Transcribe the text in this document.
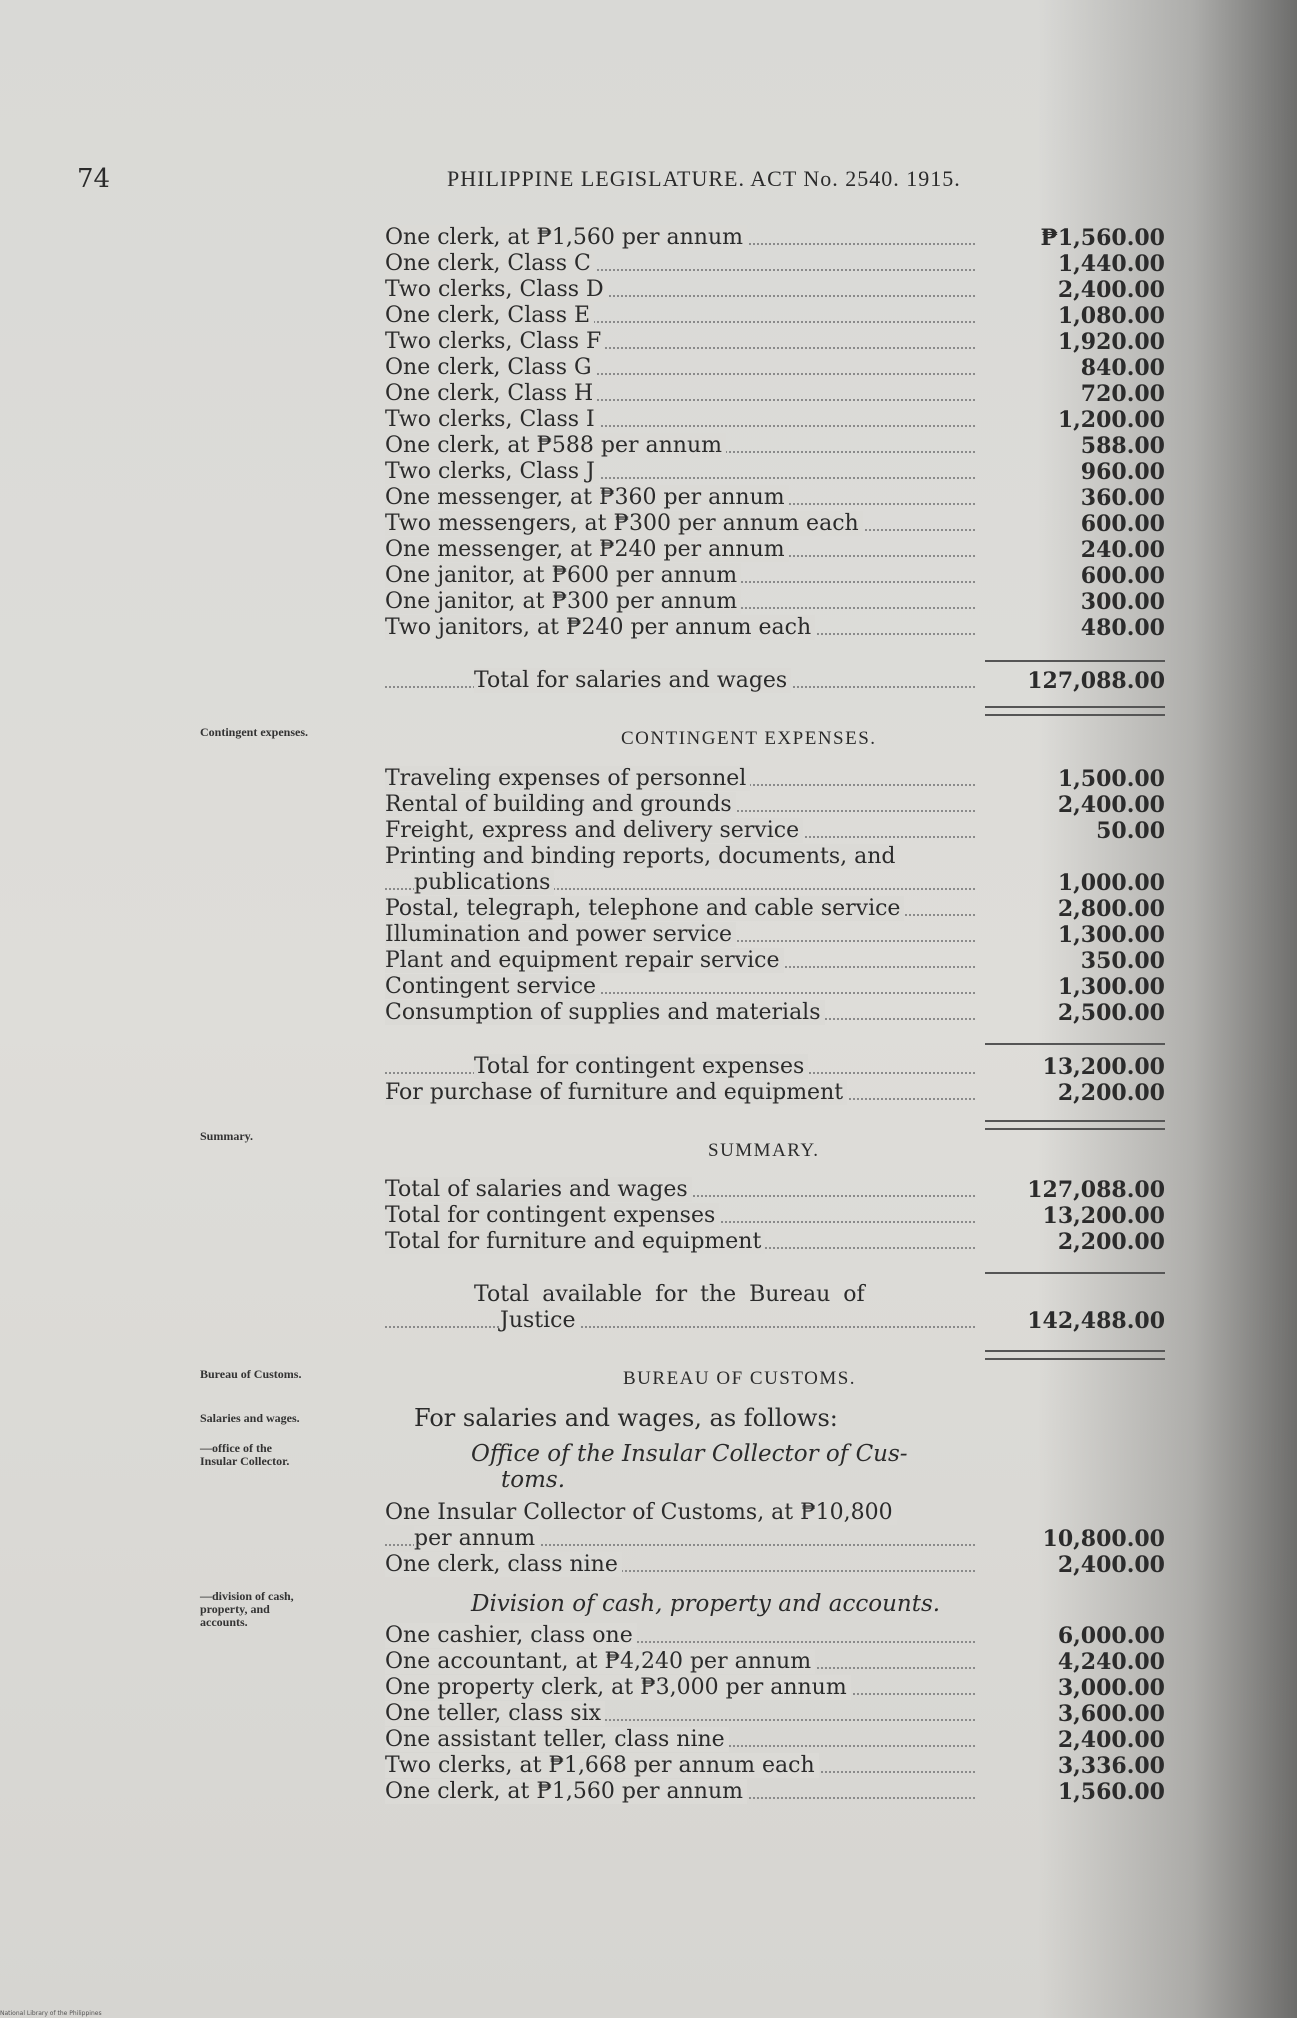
74	PHILIPPINE LEGISLATURE. ACT No. 2540. 1915.
One clerk, at ₱1,560 per annum	₱1,560.00
One clerk, Class C	1,440.00
Two clerks, Class D	2,400.00
One clerk, Class E	1,080.00
Two clerks, Class F	1,920.00
One clerk, Class G	840.00
One clerk, Class H	720.00
Two clerks, Class I	1,200.00
One clerk, at ₱588 per annum	588.00
Two clerks, Class J	960.00
One messenger, at ₱360 per annum	360.00
Two messengers, at ₱300 per annum each	600.00
One messenger, at ₱240 per annum	240.00
One janitor, at ₱600 per annum	600.00
One janitor, at ₱300 per annum	300.00
Two janitors, at ₱240 per annum each	480.00
Total for salaries and wages	127,088.00
Contingent expenses.	CONTINGENT EXPENSES.
Traveling expenses of personnel	1,500.00
Rental of building and grounds	2,400.00
Freight, express and delivery service	50.00
Printing and binding reports, documents, and
publications	1,000.00
Postal, telegraph, telephone and cable service	2,800.00
Illumination and power service	1,300.00
Plant and equipment repair service	350.00
Contingent service	1,300.00
Consumption of supplies and materials	2,500.00
Total for contingent expenses	13,200.00
For purchase of furniture and equipment	2,200.00
Summary.
SUMMARY.
Total of salaries and wages	127,088.00
Total for contingent expenses	13,200.00
Total for furniture and equipment	2,200.00
Total available for the Bureau of
Justice	142,488.00
Bureau of Customs.	BUREAU OF CUSTOMS.
Salaries and wages.	For salaries and wages, as follows:
—office of the Insular Collector.	Office of the Insular Collector of Cus-
toms.
One Insular Collector of Customs, at ₱10,800
per annum	10,800.00
One clerk, class nine	2,400.00
—division of cash, property, and accounts.
Division of cash, property and accounts.
One cashier, class one	6,000.00
One accountant, at ₱4,240 per annum	4,240.00
One property clerk, at ₱3,000 per annum	3,000.00
One teller, class six	3,600.00
One assistant teller, class nine	2,400.00
Two clerks, at ₱1,668 per annum each	3,336.00
One clerk, at ₱1,560 per annum	1,560.00
National Library of the Philippines
